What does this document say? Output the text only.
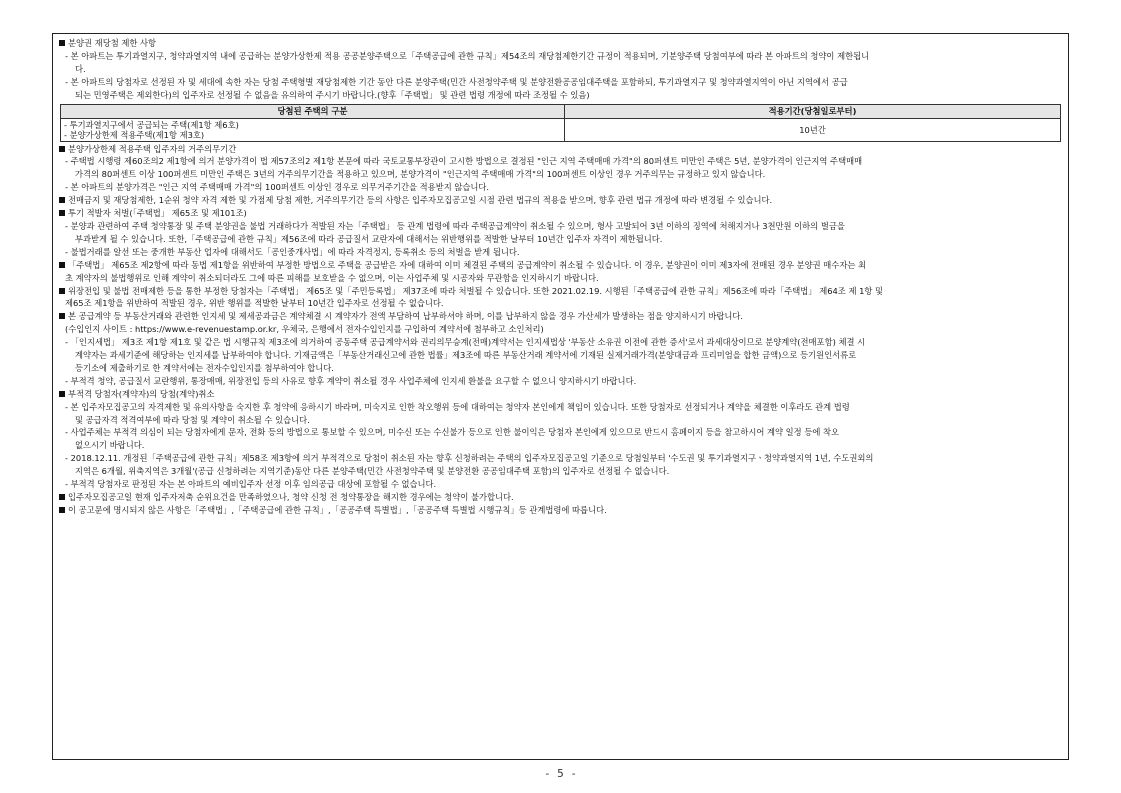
분양권 재당첨 제한 사항
- 본 아파트는 투기과열지구, 청약과열지역 내에 공급하는 분양가상한제 적용 공공분양주택으로「주택공급에 관한 규칙」제54조의 재당첨제한기간 규정이 적용되며, 기분양주택 당첨여부에 따라 본 아파트의 청약이 제한됩니
다.
- 본 아파트의 당첨자로 선정된 자 및 세대에 속한 자는 당첨 주택형별 재당첨제한 기간 동안 다른 분양주택(민간 사전청약주택 및 분양전환공공임대주택을 포함하되, 투기과열지구 및 청약과열지역이 아닌 지역에서 공급
되는 민영주택은 제외한다)의 입주자로 선정될 수 없음을 유의하여 주시기 바랍니다.(향후「주택법」 및 관련 법령 개정에 따라 조정될 수 있음)
당첨된 주택의 구분	적용기간(당첨일로부터)

- 투기과열지구에서 공급되는 주택(제1항 제6호)
- 분양가상한제 적용주택(제1항 제3호)	10년간
분양가상한제 적용주택 입주자의 거주의무기간
- 주택법 시행령 제60조의2 제1항에 의거 분양가격이 법 제57조의2 제1항 본문에 따라 국토교통부장관이 고시한 방법으로 결정된 "인근 지역 주택매매 가격"의 80퍼센트 미만인 주택은 5년, 분양가격이 인근지역 주택매매
가격의 80퍼센트 이상 100퍼센트 미만인 주택은 3년의 거주의무기간을 적용하고 있으며, 분양가격이 "인근지역 주택매매 가격"의 100퍼센트 이상인 경우 거주의무는 규정하고 있지 않습니다.
- 본 아파트의 분양가격은 "인근 지역 주택매매 가격"의 100퍼센트 이상인 경우로 의무거주기간을 적용받지 않습니다.
전매금지 및 재당첨제한, 1순위 청약 자격 제한 및 가점제 당첨 제한, 거주의무기간 등의 사항은 입주자모집공고일 시점 관련 법규의 적용을 받으며, 향후 관련 법규 개정에 따라 변경될 수 있습니다.
투기 적발자 처벌(「주택법」 제65조 및 제101조)
- 분양과 관련하여 주택 청약통장 및 주택 분양권을 불법 거래하다가 적발된 자는「주택법」 등 관계 법령에 따라 주택공급계약이 취소될 수 있으며, 형사 고발되어 3년 이하의 징역에 처해지거나 3천만원 이하의 벌금을
부과받게 될 수 있습니다. 또한,「주택공급에 관한 규칙」제56조에 따라 공급질서 교란자에 대해서는 위반행위를 적발한 날부터 10년간 입주자 자격이 제한됩니다.
- 불법거래를 알선 또는 중개한 부동산 업자에 대해서도「공인중개사법」에 따라 자격정지, 등록취소 등의 처벌을 받게 됩니다.
「주택법」 제65조 제2항에 따라 동법 제1항을 위반하여 부정한 방법으로 주택을 공급받은 자에 대하여 이미 체결된 주택의 공급계약이 취소될 수 있습니다. 이 경우, 분양권이 이미 제3자에 전매된 경우 분양권 매수자는 최
초 계약자의 불법행위로 인해 계약이 취소되더라도 그에 따른 피해를 보호받을 수 없으며, 이는 사업주체 및 시공자와 무관함을 인지하시기 바랍니다.
위장전입 및 불법 전매제한 등을 통한 부정한 당첨자는「주택법」 제65조 및「주민등록법」 제37조에 따라 처벌될 수 있습니다. 또한 2021.02.19. 시행된「주택공급에 관한 규칙」제56조에 따라「주택법」 제64조 제 1항 및
제65조 제1항을 위반하여 적발된 경우, 위반 행위를 적발한 날부터 10년간 입주자로 선정될 수 없습니다.
본 공급계약 등 부동산거래와 관련한 인지세 및 제세공과금은 계약체결 시 계약자가 전액 부담하여 납부하셔야 하며, 이를 납부하지 않을 경우 가산세가 발생하는 점을 양지하시기 바랍니다.
(수입인지 사이트 : https://www.e-revenuestamp.or.kr, 우체국, 은행에서 전자수입인지를 구입하여 계약서에 첨부하고 소인처리)
- 「인지세법」 제3조 제1항 제1호 및 같은 법 시행규칙 제3조에 의거하여 공동주택 공급계약서와 권리의무승계(전매)계약서는 인지세법상 '부동산 소유권 이전에 관한 증서'로서 과세대상이므로 분양계약(전매포함) 체결 시
계약자는 과세기준에 해당하는 인지세를 납부하여야 합니다. 기재금액은「부동산거래신고에 관한 법률」제3조에 따른 부동산거래 계약서에 기재된 실제거래가격(분양대금과 프리미엄을 합한 금액)으로 등기원인서류로
등기소에 제출하기로 한 계약서에는 전자수입인지를 첨부하여야 합니다.
- 부적격 청약, 공급질서 교란행위, 통장매매, 위장전입 등의 사유로 향후 계약이 취소될 경우 사업주체에 인지세 환불을 요구할 수 없으니 양지하시기 바랍니다.
부적격 당첨자(계약자)의 당첨(계약)취소
- 본 입주자모집공고의 자격제한 및 유의사항을 숙지한 후 청약에 응하시기 바라며, 미숙지로 인한 착오행위 등에 대하여는 청약자 본인에게 책임이 있습니다. 또한 당첨자로 선정되거나 계약을 체결한 이후라도 관계 법령
및 공급자격 적격여부에 따라 당첨 및 계약이 취소될 수 있습니다.
- 사업주체는 부적격 의심이 되는 당첨자에게 문자, 전화 등의 방법으로 통보할 수 있으며, 미수신 또는 수신불가 등으로 인한 불이익은 당첨자 본인에게 있으므로 반드시 홈페이지 등을 참고하시어 계약 일정 등에 착오
없으시기 바랍니다.
- 2018.12.11. 개정된「주택공급에 관한 규칙」제58조 제3항에 의거 부적격으로 당첨이 취소된 자는 향후 신청하려는 주택의 입주자모집공고일 기준으로 당첨일부터 '수도권 및 투기과열지구ㆍ청약과열지역 1년, 수도권외의
지역은 6개월, 위축지역은 3개월'(공급 신청하려는 지역기준)동안 다른 분양주택(민간 사전청약주택 및 분양전환 공공임대주택 포함)의 입주자로 선정될 수 없습니다.
- 부적격 당첨자로 판정된 자는 본 아파트의 예비입주자 선정 이후 임의공급 대상에 포함될 수 없습니다.
입주자모집공고일 현재 입주자저축 순위요건을 만족하였으나, 청약 신청 전 청약통장을 해지한 경우에는 청약이 불가합니다.
이 공고문에 명시되지 않은 사항은「주택법」,「주택공급에 관한 규칙」,「공공주택 특별법」,「공공주택 특별법 시행규칙」등 관계법령에 따릅니다.
- 5 -
